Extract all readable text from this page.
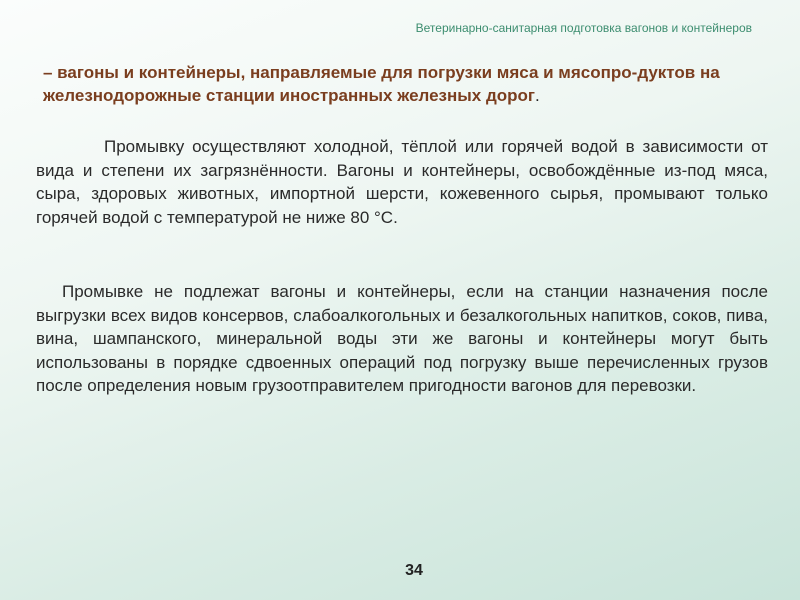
Ветеринарно-санитарная подготовка вагонов и контейнеров
– вагоны и контейнеры, направляемые для погрузки мяса и мясопро-дуктов на железнодорожные станции иностранных железных дорог.
Промывку осуществляют холодной, тёплой или горячей водой в зависимости от вида и степени их загрязнённости. Вагоны и контейнеры, освобождённые из-под мяса, сыра, здоровых животных, импортной шерсти, кожевенного сырья, промывают только горячей водой с температурой не ниже 80 °С.
Промывке не подлежат вагоны и контейнеры, если на станции назначения после выгрузки всех видов консервов, слабоалкогольных и безалкогольных напитков, соков, пива, вина, шампанского, минеральной воды эти же вагоны и контейнеры могут быть использованы в порядке сдвоенных операций под погрузку выше перечисленных грузов после определения новым грузоотправителем пригодности вагонов для перевозки.
34
